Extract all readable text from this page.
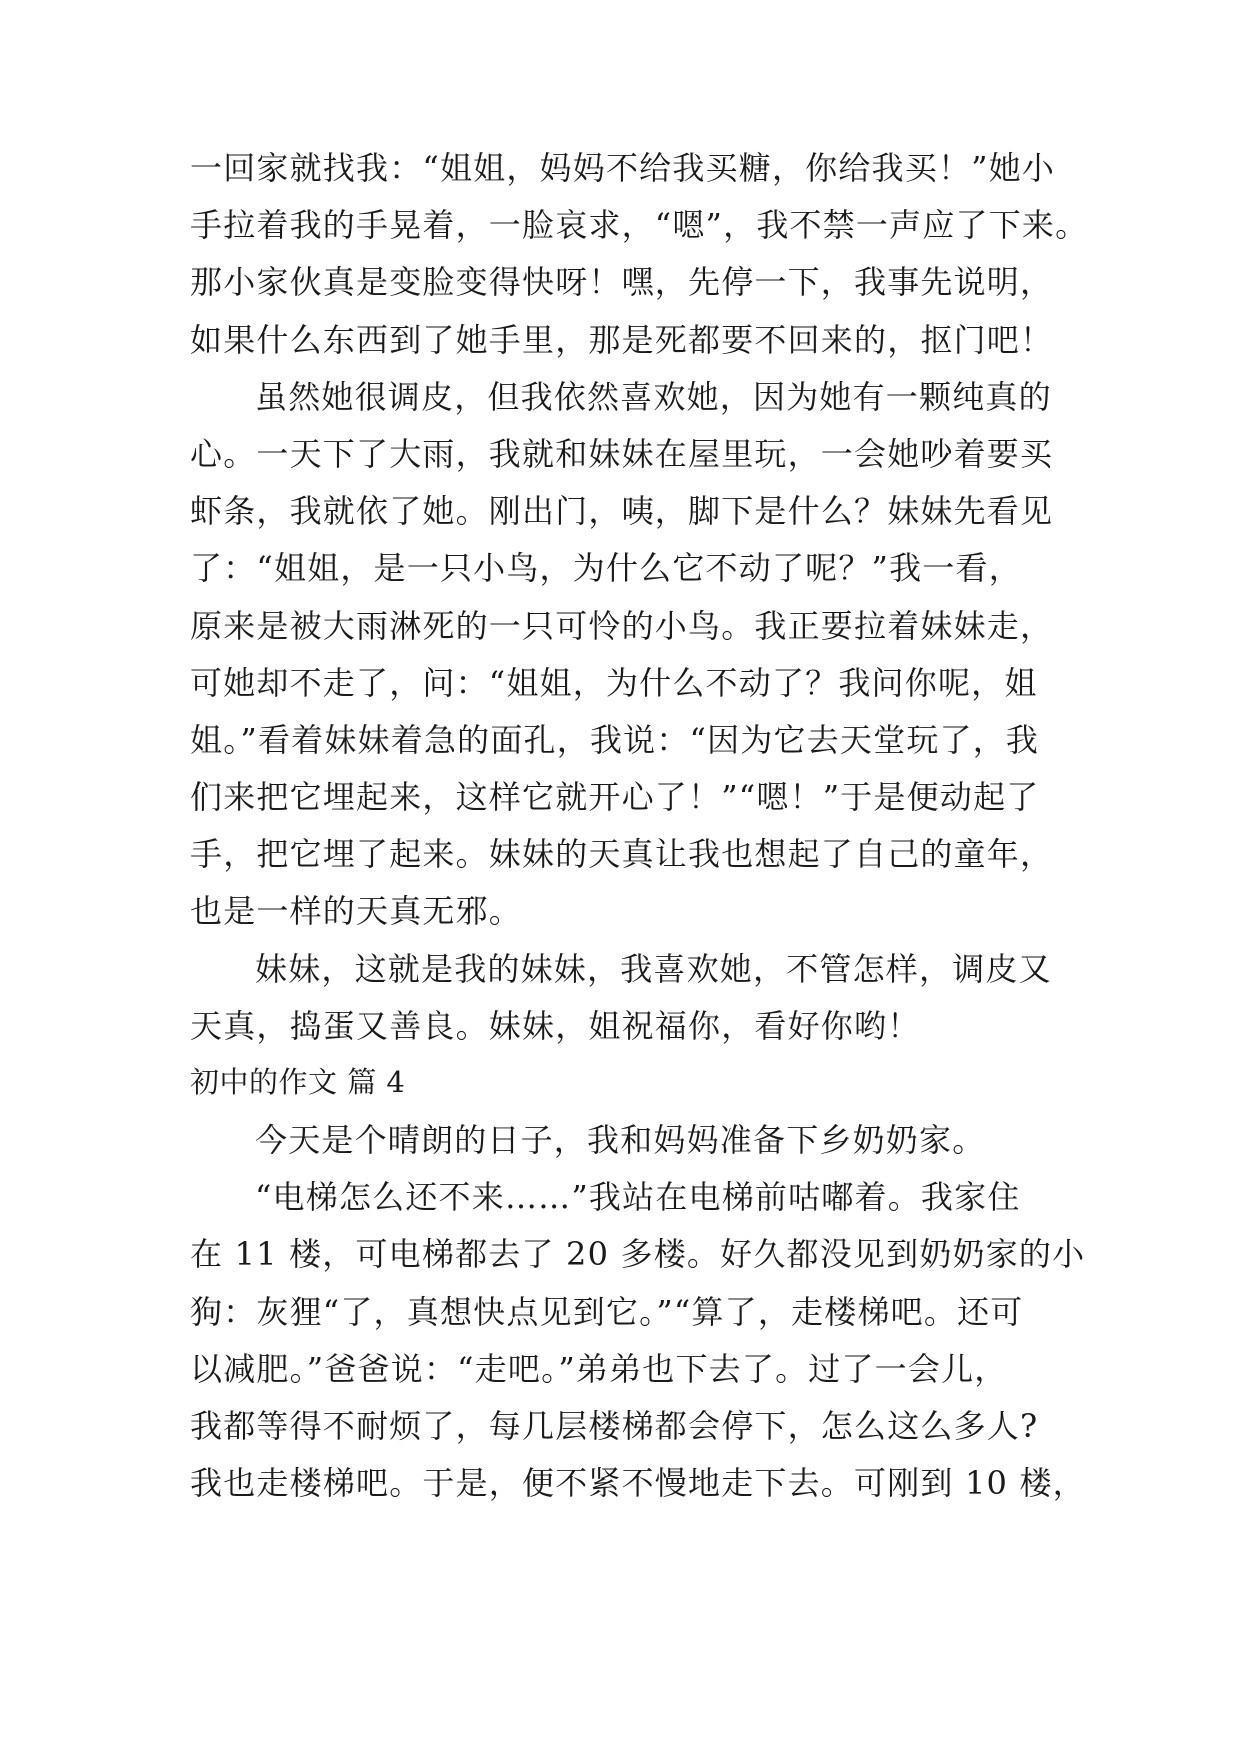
一回家就找我：“姐姐，妈妈不给我买糖，你给我买！”她小
手拉着我的手晃着，一脸哀求，“嗯”，我不禁一声应了下来。
那小家伙真是变脸变得快呀！嘿，先停一下，我事先说明，
如果什么东西到了她手里，那是死都要不回来的，抠门吧！
虽然她很调皮，但我依然喜欢她，因为她有一颗纯真的
心。一天下了大雨，我就和妹妹在屋里玩，一会她吵着要买
虾条，我就依了她。刚出门，咦，脚下是什么？妹妹先看见
了：“姐姐，是一只小鸟，为什么它不动了呢？”我一看，
原来是被大雨淋死的一只可怜的小鸟。我正要拉着妹妹走，
可她却不走了，问：“姐姐，为什么不动了？我问你呢，姐
姐。”看着妹妹着急的面孔，我说：“因为它去天堂玩了，我
们来把它埋起来，这样它就开心了！”“嗯！”于是便动起了
手，把它埋了起来。妹妹的天真让我也想起了自己的童年，
也是一样的天真无邪。
妹妹，这就是我的妹妹，我喜欢她，不管怎样，调皮又
天真，捣蛋又善良。妹妹，姐祝福你，看好你哟！
初中的作文 篇 4
今天是个晴朗的日子，我和妈妈准备下乡奶奶家。
“电梯怎么还不来……”我站在电梯前咕嘟着。我家住
在 11 楼，可电梯都去了 20 多楼。好久都没见到奶奶家的小
狗：灰狸“了，真想快点见到它。”“算了，走楼梯吧。还可
以减肥。”爸爸说：“走吧。”弟弟也下去了。过了一会儿，
我都等得不耐烦了，每几层楼梯都会停下，怎么这么多人?
我也走楼梯吧。于是，便不紧不慢地走下去。可刚到 10 楼，
